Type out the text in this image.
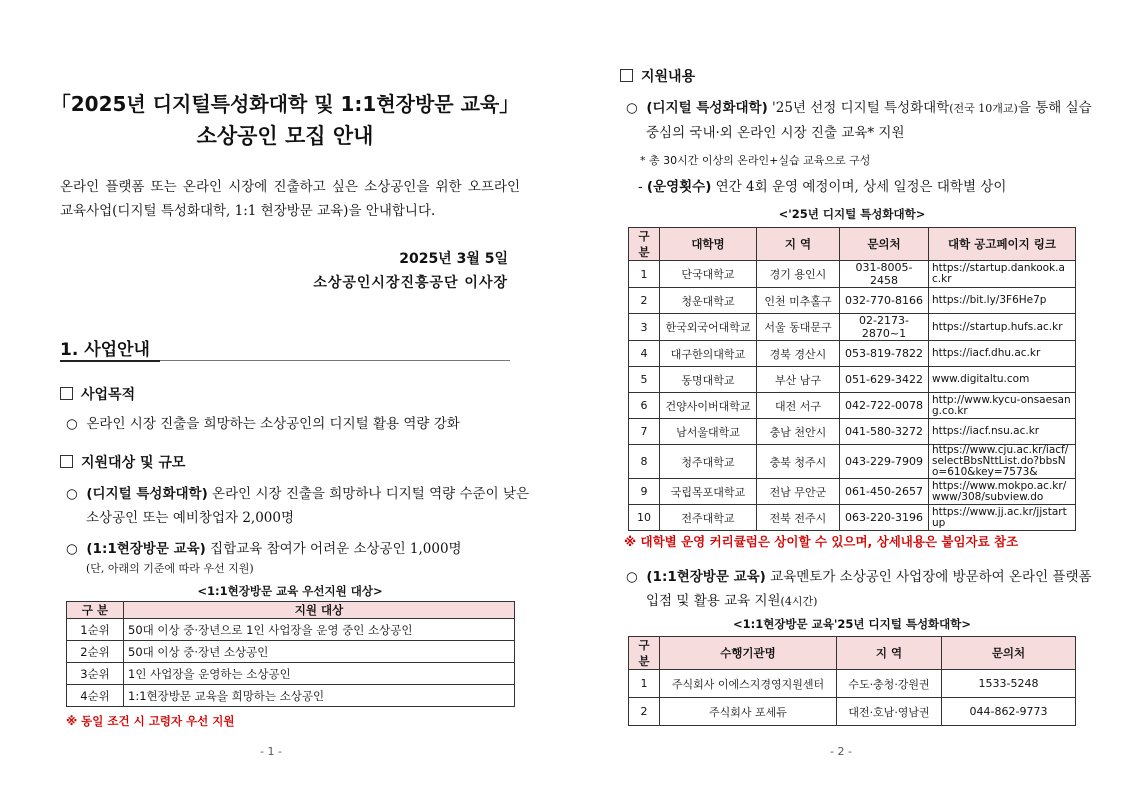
「2025년 디지털특성화대학 및 1:1현장방문 교육」
소상공인 모집 안내
온라인 플랫폼 또는 온라인 시장에 진출하고 싶은 소상공인을 위한 오프라인 교육사업(디지털 특성화대학, 1:1 현장방문 교육)을 안내합니다.
2025년 3월 5일
소상공인시장진흥공단 이사장
1. 사업안내
사업목적
○  온라인 시장 진출을 희망하는 소상공인의 디지털 활용 역량 강화
지원대상 및 규모
○  (디지털 특성화대학) 온라인 시장 진출을 희망하나 디지털 역량 수준이 낮은 소상공인 또는 예비창업자 2,000명
○  (1:1현장방문 교육) 집합교육 참여가 어려운 소상공인 1,000명
(단, 아래의 기준에 따라 우선 지원)
<1:1현장방문 교육 우선지원 대상>
구 분	지원 대상
1순위	50대 이상 중·장년으로 1인 사업장을 운영 중인 소상공인
2순위	50대 이상 중·장년 소상공인
3순위	1인 사업장을 운영하는 소상공인
4순위	1:1현장방문 교육을 희망하는 소상공인
※ 동일 조건 시 고령자 우선 지원
- 1 -
지원내용
○  (디지털 특성화대학) '25년 선정 디지털 특성화대학(전국 10개교)을 통해 실습 중심의 국내·외 온라인 시장 진출 교육* 지원
* 총 30시간 이상의 온라인+실습 교육으로 구성
- (운영횟수) 연간 4회 운영 예정이며, 상세 일정은 대학별 상이
<'25년 디지털 특성화대학>
구분	대학명	지 역	문의처	대학 공고페이지 링크
1	단국대학교	경기 용인시	031-8005-2458	https://startup.dankook.ac.kr
2	청운대학교	인천 미추홀구	032-770-8166	https://bit.ly/3F6He7p
3	한국외국어대학교	서울 동대문구	02-2173-2870~1	https://startup.hufs.ac.kr
4	대구한의대학교	경북 경산시	053-819-7822	https://iacf.dhu.ac.kr
5	동명대학교	부산 남구	051-629-3422	www.digitaltu.com
6	건양사이버대학교	대전 서구	042-722-0078	http://www.kycu-onsaesang.co.kr
7	남서울대학교	충남 천안시	041-580-3272	https://iacf.nsu.ac.kr
8	청주대학교	충북 청주시	043-229-7909	https://www.cju.ac.kr/iacf/selectBbsNttList.do?bbsNo=610&key=7573&
9	국립목포대학교	전남 무안군	061-450-2657	https://www.mokpo.ac.kr/www/308/subview.do
10	전주대학교	전북 전주시	063-220-3196	https://www.jj.ac.kr/jjstartup
※ 대학별 운영 커리큘럼은 상이할 수 있으며, 상세내용은 붙임자료 참조
○  (1:1현장방문 교육) 교육멘토가 소상공인 사업장에 방문하여 온라인 플랫폼 입점 및 활용 교육 지원(4시간)
<1:1현장방문 교육'25년 디지털 특성화대학>
구분	수행기관명	지 역	문의처
1	주식회사 이에스지경영지원센터	수도·충청·강원권	1533-5248
2	주식회사 포세듀	대전·호남·영남권	044-862-9773
- 2 -
